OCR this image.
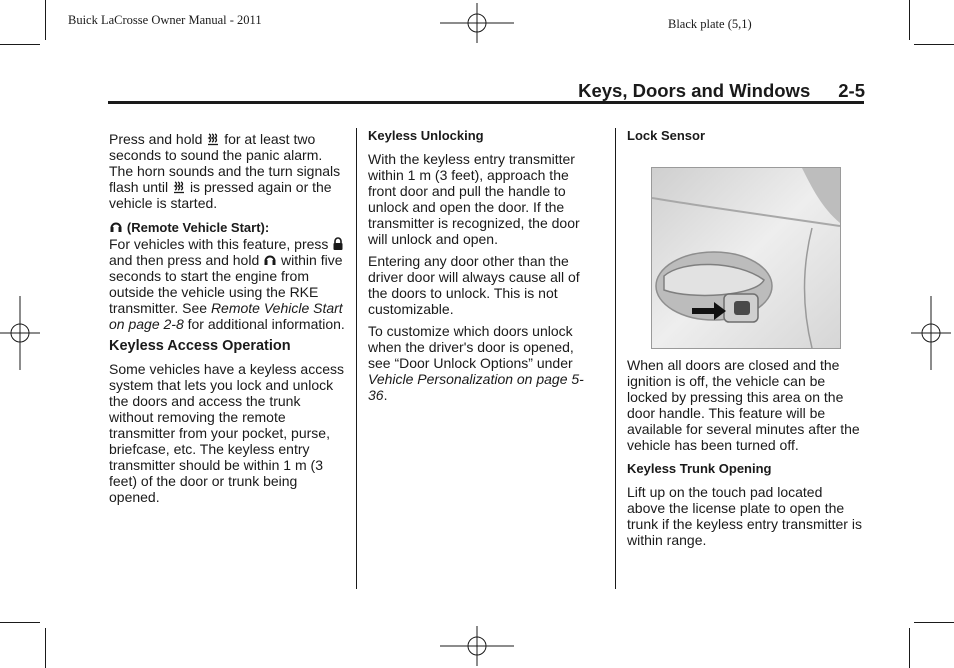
Buick LaCrosse Owner Manual - 2011	Black plate (5,1)
Keys, Doors and Windows 2-5

Press and hold for at least two seconds to sound the panic alarm. The horn sounds and the turn signals flash until is pressed again or the vehicle is started.

(Remote Vehicle Start):
For vehicles with this feature, press  and then press and hold within five seconds to start the engine from outside the vehicle using the RKE transmitter. See Remote Vehicle Start on page 2-8 for additional information.

Keyless Access Operation

Some vehicles have a keyless access system that lets you lock and unlock the doors and access the trunk without removing the remote transmitter from your pocket, purse, briefcase, etc. The keyless entry transmitter should be within 1 m (3 feet) of the door or trunk being opened.

Keyless Unlocking

With the keyless entry transmitter within 1 m (3 feet), approach the front door and pull the handle to unlock and open the door. If the transmitter is recognized, the door will unlock and open.

Entering any door other than the driver door will always cause all of the doors to unlock. This is not customizable.

To customize which doors unlock when the driver's door is opened, see “Door Unlock Options” under Vehicle Personalization on page 5-36.

Lock Sensor

When all doors are closed and the ignition is off, the vehicle can be locked by pressing this area on the door handle. This feature will be available for several minutes after the vehicle has been turned off.

Keyless Trunk Opening

Lift up on the touch pad located above the license plate to open the trunk if the keyless entry transmitter is within range.
